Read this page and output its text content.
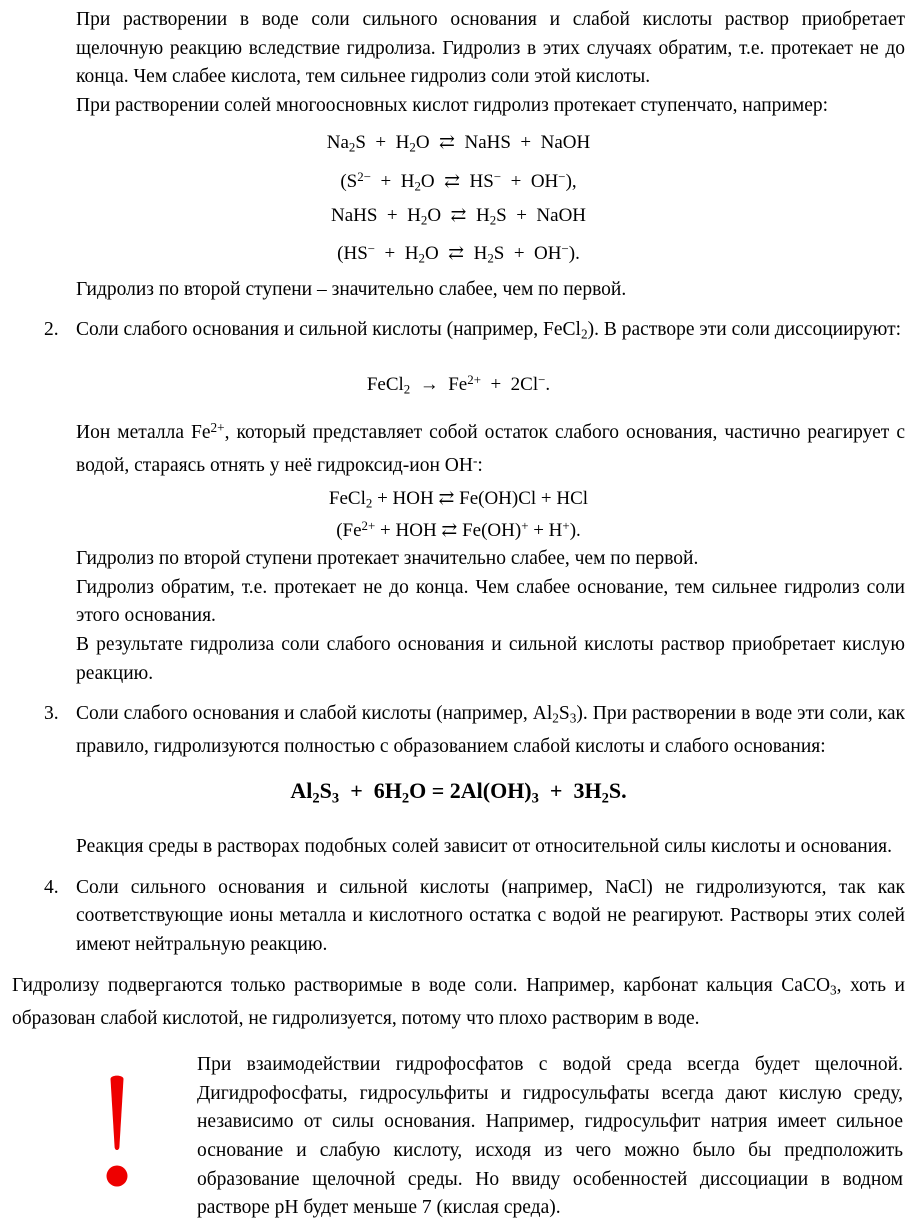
При растворении в воде соли сильного основания и слабой кислоты раствор приобретает щелочную реакцию вследствие гидролиза. Гидролиз в этих случаях обратим, т.е. протекает не до конца. Чем слабее кислота, тем сильнее гидролиз соли этой кислоты.

При растворении солей многоосновных кислот гидролиз протекает ступенчато, например:

$Na_2S + H_2O$  ⇄  NaHS  +  NaOH
($S^{2-} + H_2O$  ⇄  HS−  +  OH−),
NaHS  +  $H_2O$  ⇄  $H_2S$  +  NaOH
($HS^- + H_2O$  ⇄  $H_2S + OH^-$).

Гидролиз по второй ступени – значительно слабее, чем по первой.

2. Соли слабого основания и сильной кислоты (например, FeCl$_2$). В растворе эти соли диссоциируют:
FeCl$_2$  →  $Fe^{2+} + 2Cl^-$.

Ион металла $Fe^{2+}$, который представляет собой остаток слабого основания, частично реагирует с водой, стараясь отнять у неё гидроксид-ион ОН-:

FeCl$_2$ + HOH ⇄ Fe(OH)Cl + HCl
($Fe^{2+}$ + HOH ⇄ Fe(OH)+ + H+).

Гидролиз по второй ступени протекает значительно слабее, чем по первой.

Гидролиз обратим, т.е. протекает не до конца. Чем слабее основание, тем сильнее гидролиз соли этого основания.

В результате гидролиза соли слабого основания и сильной кислоты раствор приобретает кислую реакцию.

3. Соли слабого основания и слабой кислоты (например, $Al_2S_3$). При растворении в воде эти соли, как правило, гидролизуются полностью с образованием слабой кислоты и слабого основания:
$Al_2S_3 + 6H_2O = 2Al(OH)_3 + 3H_2S$.

Реакция среды в растворах подобных солей зависит от относительной силы кислоты и основания.

4. Соли сильного основания и сильной кислоты (например, NaCl) не гидролизуются, так как соответствующие ионы металла и кислотного остатка с водой не реагируют. Растворы этих солей имеют нейтральную реакцию.

Гидролизу подвергаются только растворимые в воде соли. Например, карбонат кальция CaCO$_3$, хоть и образован слабой кислотой, не гидролизуется, потому что плохо растворим в воде.

При взаимодействии гидрофосфатов с водой среда всегда будет щелочной. Дигидрофосфаты, гидросульфиты и гидросульфаты всегда дают кислую среду, независимо от силы основания. Например, гидросульфит натрия имеет сильное основание и слабую кислоту, исходя из чего можно было бы предположить образование щелочной среды. Но ввиду особенностей диссоциации в водном растворе pH будет меньше 7 (кислая среда).
